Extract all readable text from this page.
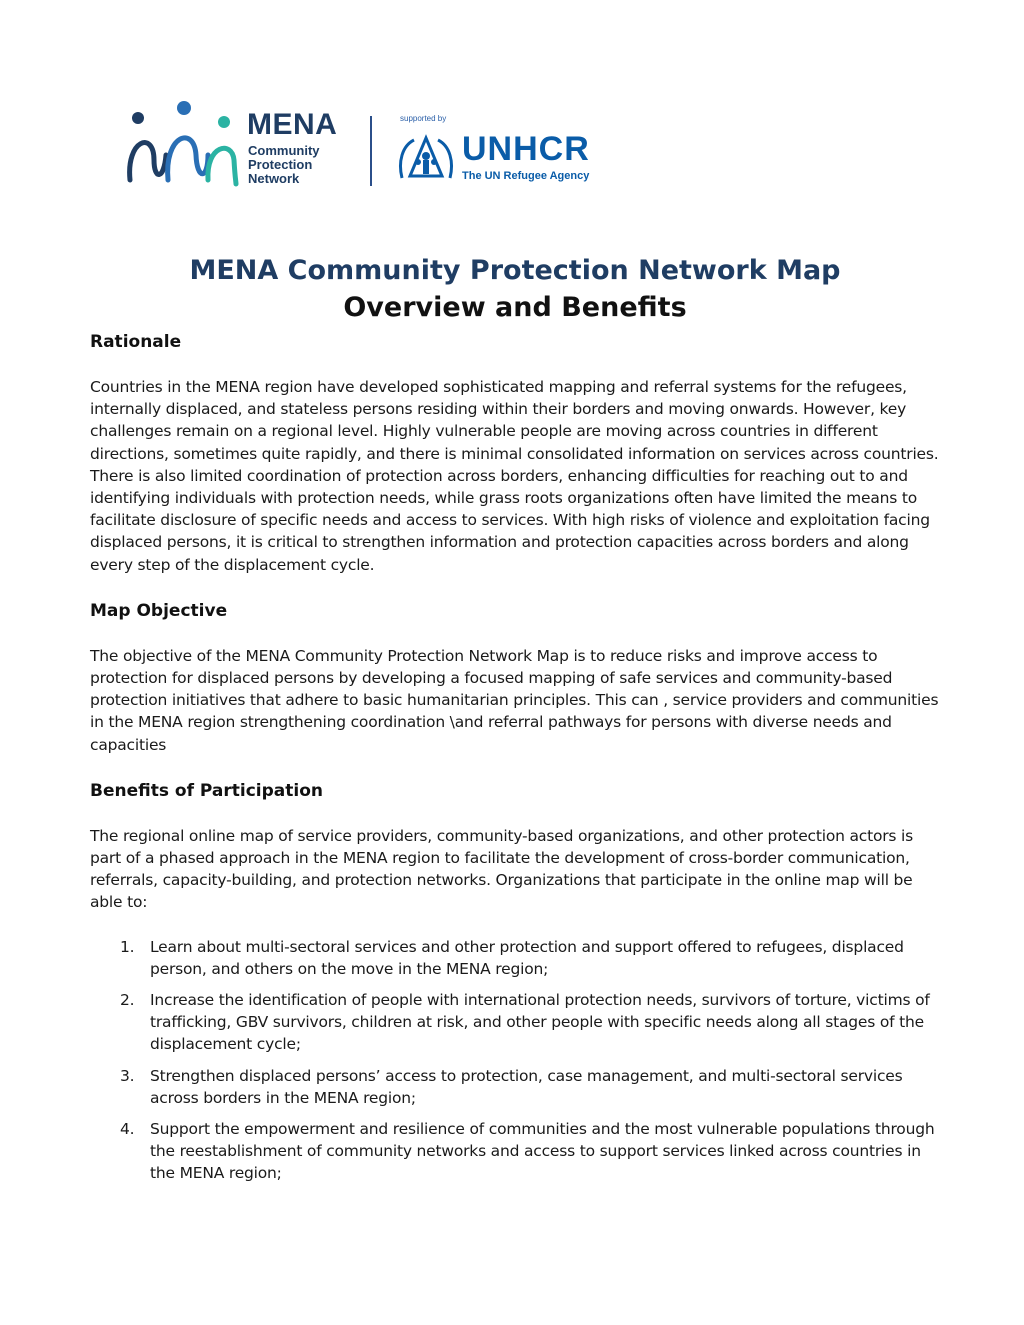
MENA
Community
Protection
Network
supported by
UNHCR
The UN Refugee Agency
MENA Community Protection Network Map
Overview and Benefits
Rationale

Countries in the MENA region have developed sophisticated mapping and referral systems for the refugees, internally displaced, and stateless persons residing within their borders and moving onwards. However, key challenges remain on a regional level. Highly vulnerable people are moving across countries in different directions, sometimes quite rapidly, and there is minimal consolidated information on services across countries. There is also limited coordination of protection across borders, enhancing difficulties for reaching out to and identifying individuals with protection needs, while grass roots organizations often have limited the means to facilitate disclosure of specific needs and access to services. With high risks of violence and exploitation facing displaced persons, it is critical to strengthen information and protection capacities across borders and along every step of the displacement cycle.

Map Objective

The objective of the MENA Community Protection Network Map is to reduce risks and improve access to protection for displaced persons by developing a focused mapping of safe services and community-based protection initiatives that adhere to basic humanitarian principles. This can , service providers and communities in the MENA region strengthening coordination \and referral pathways for persons with diverse needs and capacities

Benefits of Participation

The regional online map of service providers, community-based organizations, and other protection actors is part of a phased approach in the MENA region to facilitate the development of cross-border communication, referrals, capacity-building, and protection networks. Organizations that participate in the online map will be able to:

1. Learn about multi-sectoral services and other protection and support offered to refugees, displaced person, and others on the move in the MENA region;
2. Increase the identification of people with international protection needs, survivors of torture, victims of trafficking, GBV survivors, children at risk, and other people with specific needs along all stages of the displacement cycle;
3. Strengthen displaced persons’ access to protection, case management, and multi-sectoral services across borders in the MENA region;
4. Support the empowerment and resilience of communities and the most vulnerable populations through the reestablishment of community networks and access to support services linked across countries in the MENA region;
